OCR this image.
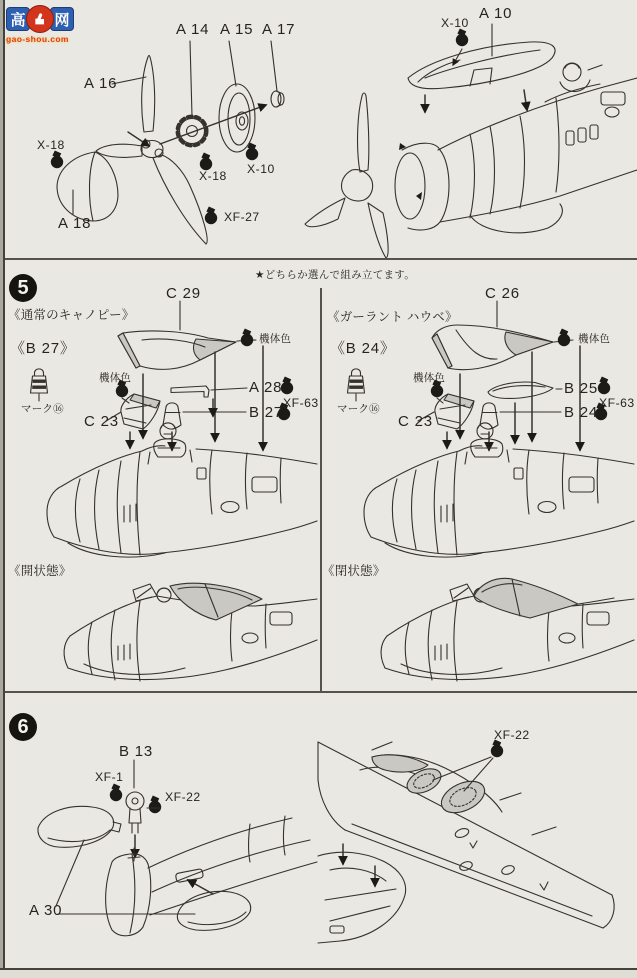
高	网
gao-shou.com
A 14 A 15 A 17
A 16
A 18
X-18
X-18 X-10
XF-27
A 10
X-10
5
★どちらか選んで組み立てます。
《通常のキャノピー》
《B 27》
C 29
機体色
機体色
A 28
XF-63
B 27
C 23
マーク⑯
《開状態》
《ガーラント ハウベ》
《B 24》
C 26
機体色
機体色
B 25
XF-63
B 24
C 23
マーク⑯
《閉状態》
6
B 13
XF-1
XF-22
A 30
XF-22
